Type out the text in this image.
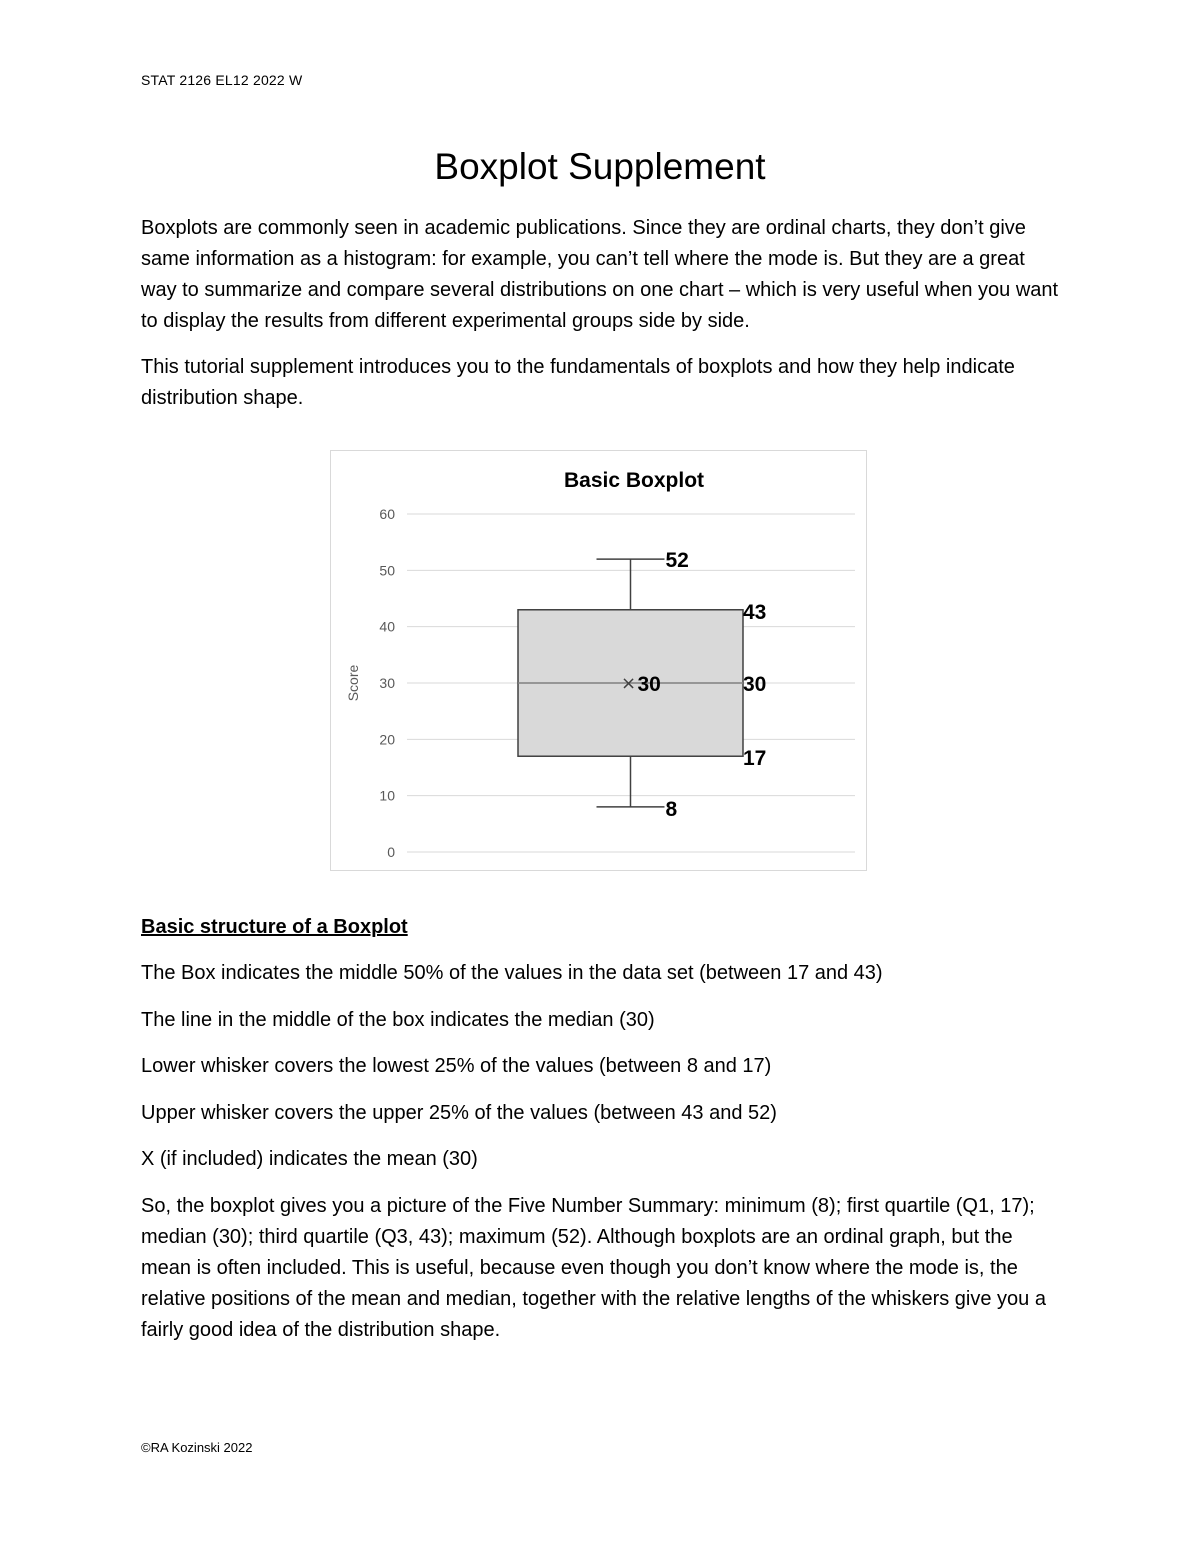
STAT 2126 EL12 2022 W
Boxplot Supplement

Boxplots are commonly seen in academic publications. Since they are ordinal charts, they don’t give same information as a histogram: for example, you can’t tell where the mode is. But they are a great way to summarize and compare several distributions on one chart – which is very useful when you want to display the results from different experimental groups side by side.

This tutorial supplement introduces you to the fundamentals of boxplots and how they help indicate distribution shape.

Basic Boxplot
0
10
20
30
40
50
60
Score	×
52
43
30	30
17
8

Basic structure of a Boxplot

The Box indicates the middle 50% of the values in the data set (between 17 and 43)

The line in the middle of the box indicates the median (30)

Lower whisker covers the lowest 25% of the values (between 8 and 17)

Upper whisker covers the upper 25% of the values (between 43 and 52)

X (if included) indicates the mean (30)

So, the boxplot gives you a picture of the Five Number Summary: minimum (8); first quartile (Q1, 17); median (30); third quartile (Q3, 43); maximum (52). Although boxplots are an ordinal graph, but the mean is often included. This is useful, because even though you don’t know where the mode is, the relative positions of the mean and median, together with the relative lengths of the whiskers give you a fairly good idea of the distribution shape.

©RA Kozinski 2022
